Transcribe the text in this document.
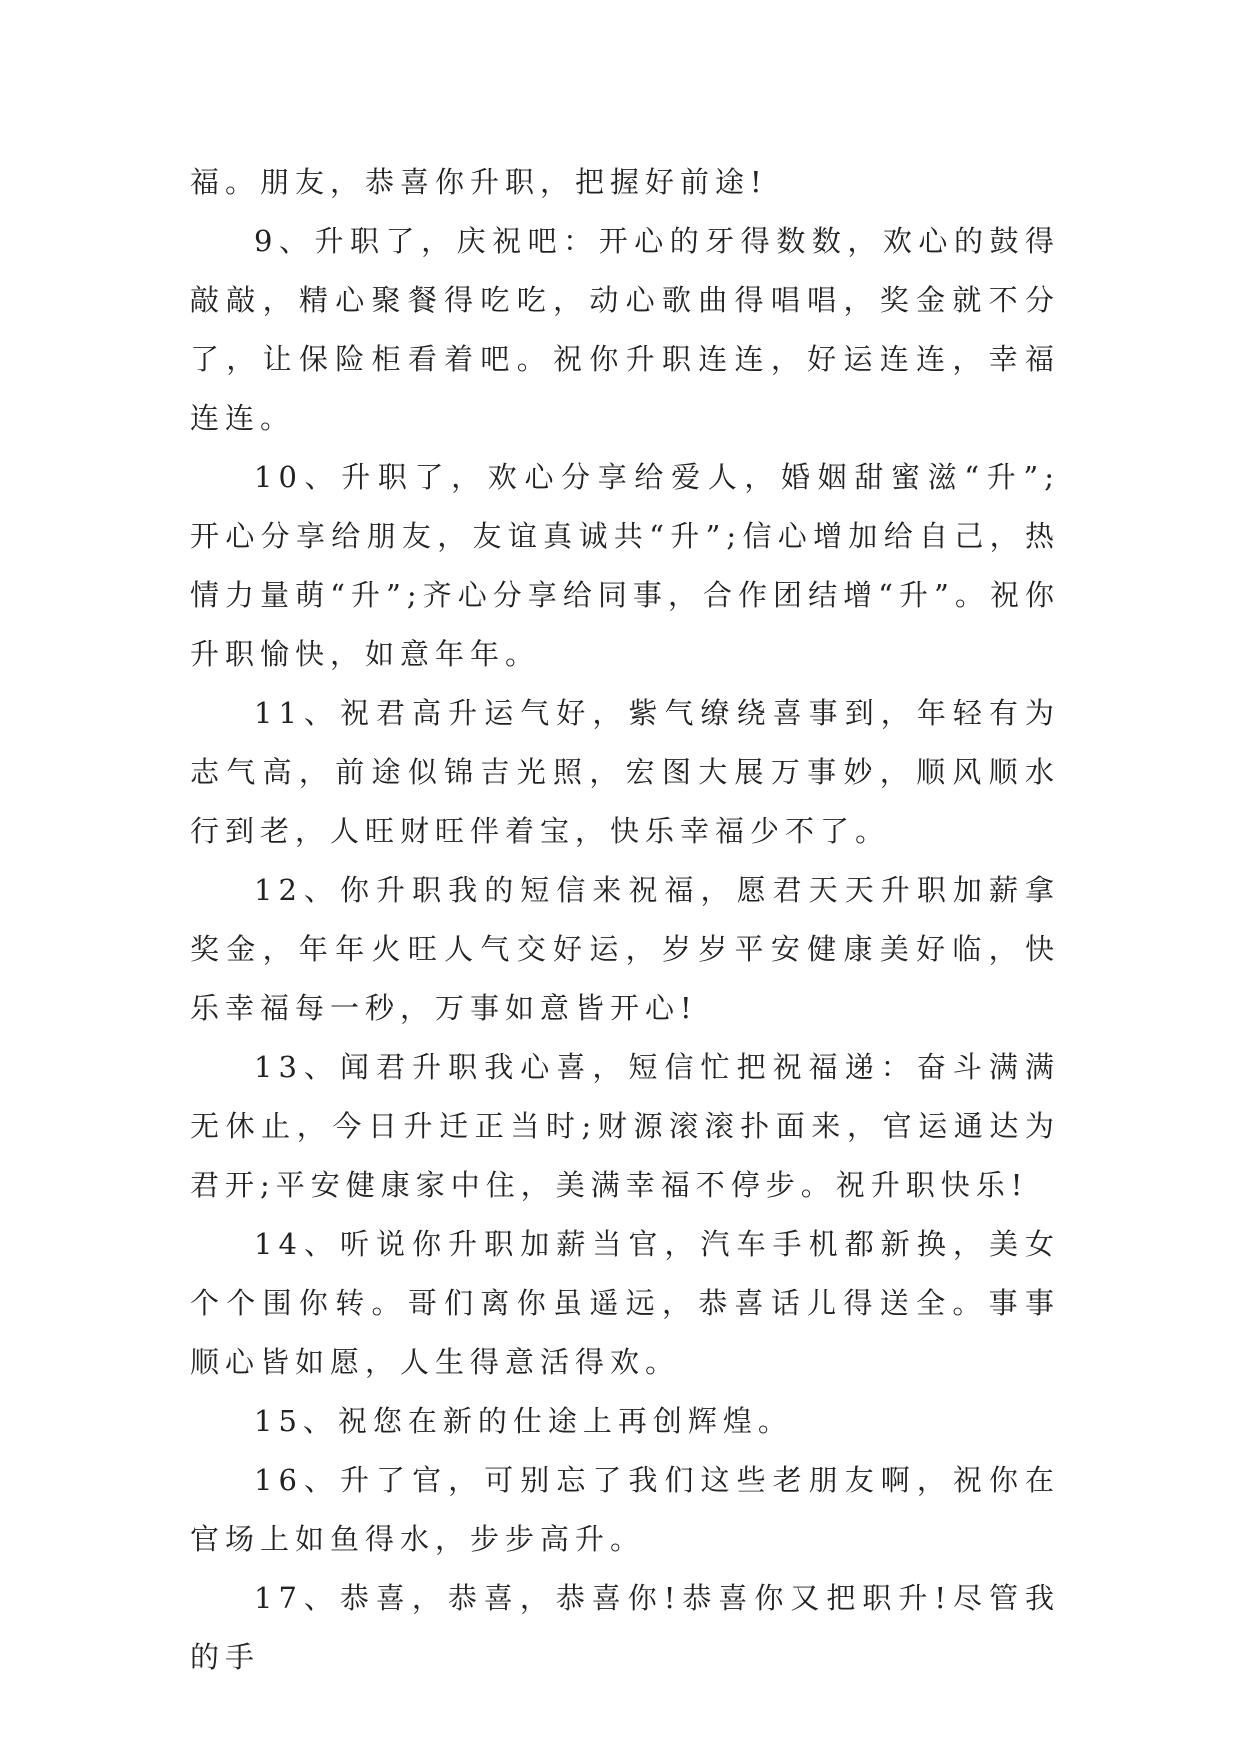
福。朋友，恭喜你升职，把握好前途!

9、升职了，庆祝吧：开心的牙得数数，欢心的鼓得敲敲，精心聚餐得吃吃，动心歌曲得唱唱，奖金就不分了，让保险柜看着吧。祝你升职连连，好运连连，幸福连连。

10、升职了，欢心分享给爱人，婚姻甜蜜滋“升”;开心分享给朋友，友谊真诚共“升”;信心增加给自己，热情力量萌“升”;齐心分享给同事，合作团结增“升”。祝你升职愉快，如意年年。

11、祝君高升运气好，紫气缭绕喜事到，年轻有为志气高，前途似锦吉光照，宏图大展万事妙，顺风顺水行到老，人旺财旺伴着宝，快乐幸福少不了。

12、你升职我的短信来祝福，愿君天天升职加薪拿奖金，年年火旺人气交好运，岁岁平安健康美好临，快乐幸福每一秒，万事如意皆开心!

13、闻君升职我心喜，短信忙把祝福递：奋斗满满无休止，今日升迁正当时;财源滚滚扑面来，官运通达为君开;平安健康家中住，美满幸福不停步。祝升职快乐!

14、听说你升职加薪当官，汽车手机都新换，美女个个围你转。哥们离你虽遥远，恭喜话儿得送全。事事顺心皆如愿，人生得意活得欢。

15、祝您在新的仕途上再创辉煌。

16、升了官，可别忘了我们这些老朋友啊，祝你在官场上如鱼得水，步步高升。

17、恭喜，恭喜，恭喜你!恭喜你又把职升!尽管我的手
